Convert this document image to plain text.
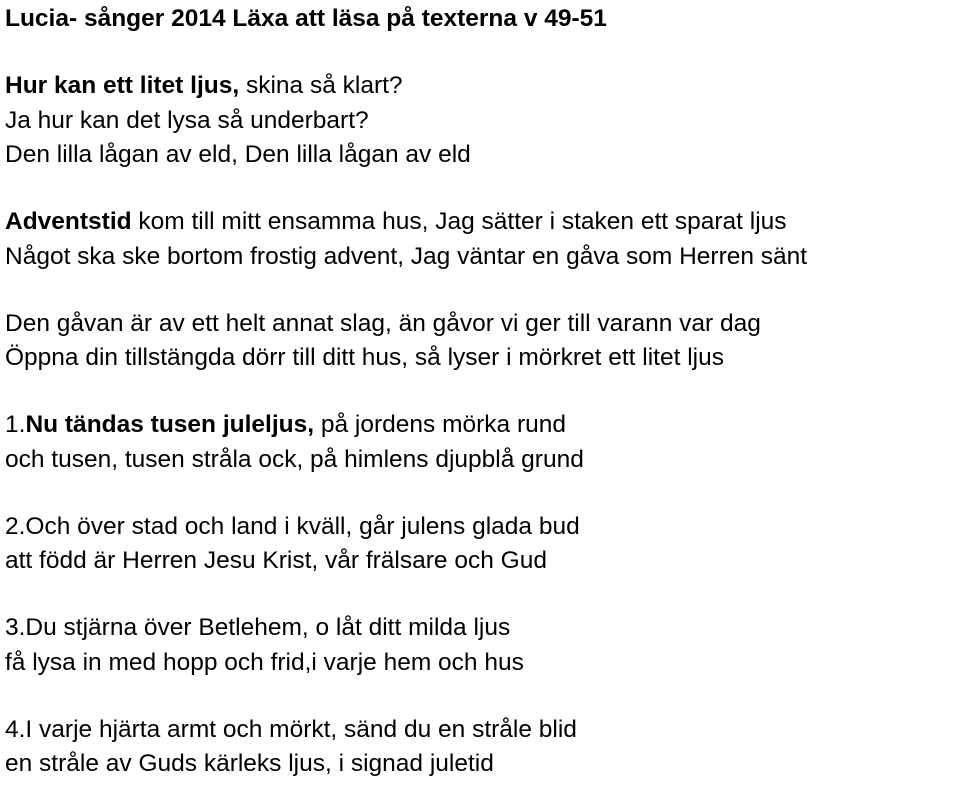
Lucia- sånger 2014 Läxa att läsa på texterna v 49-51
Hur kan ett litet ljus, skina så klart?
Ja hur kan det lysa så underbart?
Den lilla lågan av eld, Den lilla lågan av eld
Adventstid kom till mitt ensamma hus, Jag sätter i staken ett sparat ljus
Något ska ske bortom frostig advent, Jag väntar en gåva som Herren sänt
Den gåvan är av ett helt annat slag, än gåvor vi ger till varann var dag
Öppna din tillstängda dörr till ditt hus, så lyser i mörkret ett litet ljus
1.Nu tändas tusen juleljus, på jordens mörka rund
och tusen, tusen stråla ock, på himlens djupblå grund
2.Och över stad och land i kväll, går julens glada bud
att född är Herren Jesu Krist, vår frälsare och Gud
3.Du stjärna över Betlehem, o låt ditt milda ljus
få lysa in med hopp och frid,i varje hem och hus
4.I varje hjärta armt och mörkt, sänd du en stråle blid
en stråle av Guds kärleks ljus, i signad juletid
